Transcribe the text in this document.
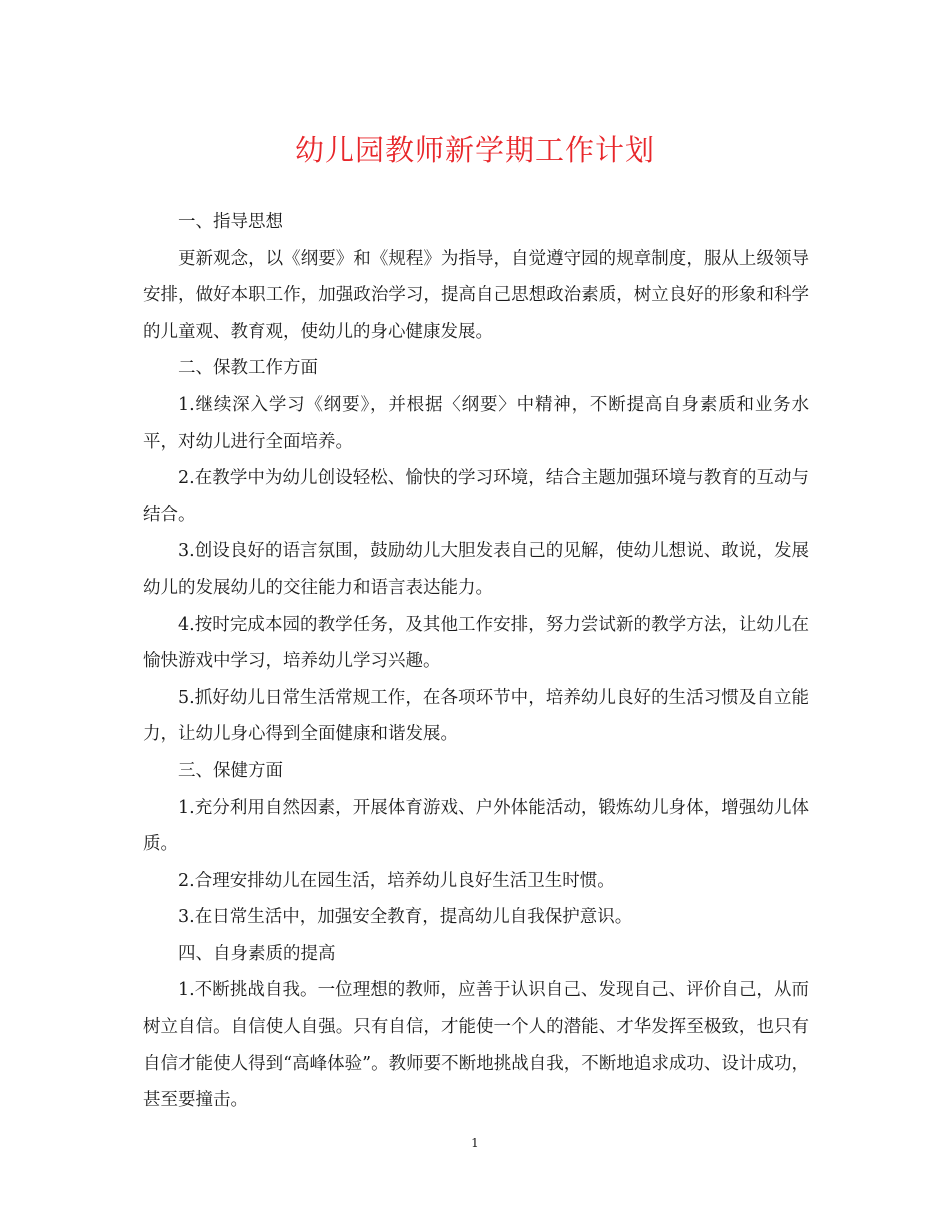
幼儿园教师新学期工作计划

一、指导思想

更新观念，以《纲要》和《规程》为指导，自觉遵守园的规章制度，服从上级领导安排，做好本职工作，加强政治学习，提高自己思想政治素质，树立良好的形象和科学的儿童观、教育观，使幼儿的身心健康发展。

二、保教工作方面

1.继续深入学习《纲要》，并根据〈纲要〉中精神，不断提高自身素质和业务水平，对幼儿进行全面培养。

2.在教学中为幼儿创设轻松、愉快的学习环境，结合主题加强环境与教育的互动与结合。

3.创设良好的语言氛围，鼓励幼儿大胆发表自己的见解，使幼儿想说、敢说，发展幼儿的发展幼儿的交往能力和语言表达能力。

4.按时完成本园的教学任务，及其他工作安排，努力尝试新的教学方法，让幼儿在愉快游戏中学习，培养幼儿学习兴趣。

5.抓好幼儿日常生活常规工作，在各项环节中，培养幼儿良好的生活习惯及自立能力，让幼儿身心得到全面健康和谐发展。

三、保健方面

1.充分利用自然因素，开展体育游戏、户外体能活动，锻炼幼儿身体，增强幼儿体质。

2.合理安排幼儿在园生活，培养幼儿良好生活卫生时惯。

3.在日常生活中，加强安全教育，提高幼儿自我保护意识。

四、自身素质的提高

1.不断挑战自我。一位理想的教师，应善于认识自己、发现自己、评价自己，从而树立自信。自信使人自强。只有自信，才能使一个人的潜能、才华发挥至极致，也只有自信才能使人得到“高峰体验”。教师要不断地挑战自我，不断地追求成功、设计成功，甚至要撞击。

1
